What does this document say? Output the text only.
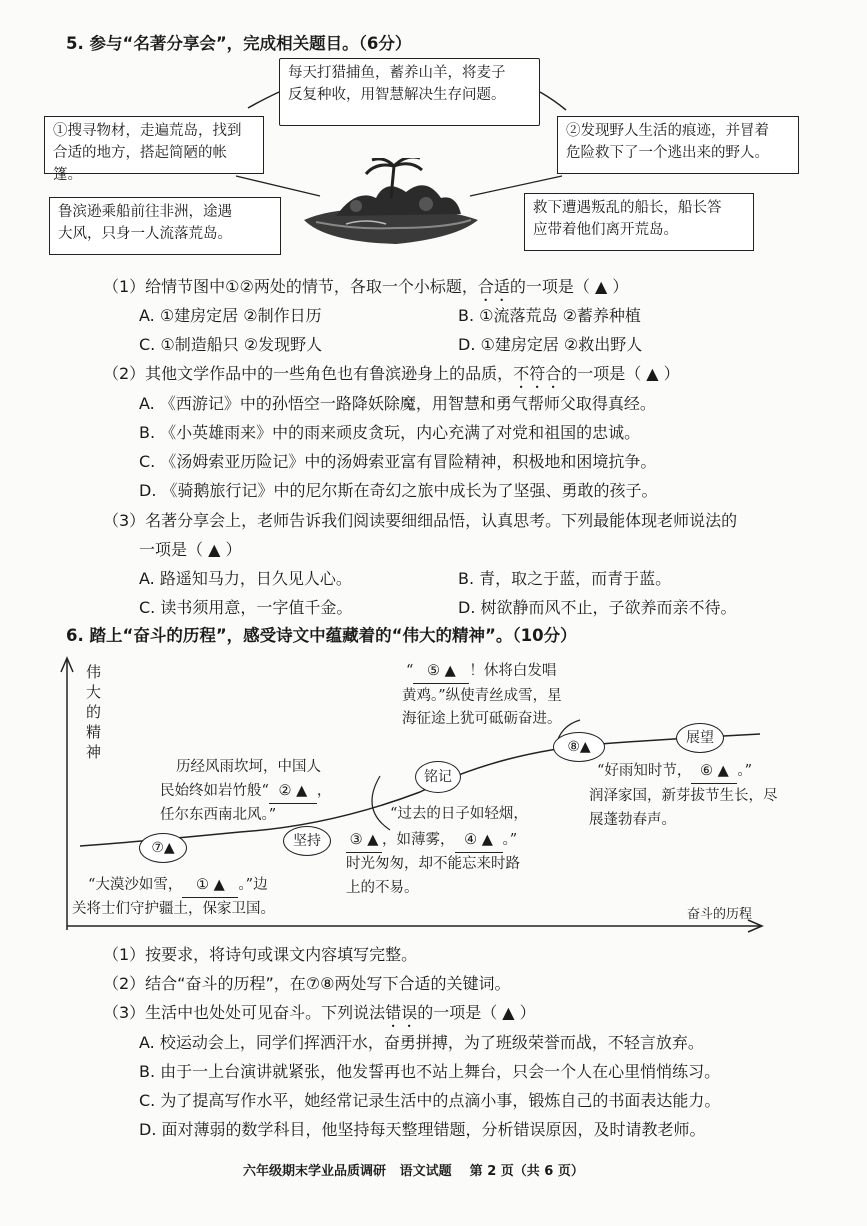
5. 参与“名著分享会”，完成相关题目。（6分）
每天打猎捕鱼，蓄养山羊，将麦子
反复种收，用智慧解决生存问题。
①搜寻物材，走遍荒岛，找到
合适的地方，搭起简陋的帐篷。
②发现野人生活的痕迹，并冒着
危险救下了一个逃出来的野人。
鲁滨逊乘船前往非洲，途遇
大风，只身一人流落荒岛。
救下遭遇叛乱的船长，船长答
应带着他们离开荒岛。
（1）给情节图中①②两处的情节，各取一个小标题，合适的一项是（ ▲ ）
A. ①建房定居 ②制作日历	B. ①流落荒岛 ②蓄养种植
C. ①制造船只 ②发现野人	D. ①建房定居 ②救出野人
（2）其他文学作品中的一些角色也有鲁滨逊身上的品质，不符合的一项是（ ▲ ）
A. 《西游记》中的孙悟空一路降妖除魔，用智慧和勇气帮师父取得真经。
B. 《小英雄雨来》中的雨来顽皮贪玩，内心充满了对党和祖国的忠诚。
C. 《汤姆索亚历险记》中的汤姆索亚富有冒险精神，积极地和困境抗争。
D. 《骑鹅旅行记》中的尼尔斯在奇幻之旅中成长为了坚强、勇敢的孩子。
（3）名著分享会上，老师告诉我们阅读要细细品悟，认真思考。下列最能体现老师说法的
一项是（ ▲ ）
A. 路遥知马力，日久见人心。	B. 青，取之于蓝，而青于蓝。
C. 读书须用意，一字值千金。	D. 树欲静而风不止，子欲养而亲不待。
6. 踏上“奋斗的历程”，感受诗文中蕴藏着的“伟大的精神”。（10分）
伟
大
的
精
神
奋斗的历程
⑦▲	坚持
铭记
⑧▲
展望
“大漠沙如雪， ① ▲ 。”边
关将士们守护疆土，保家卫国。
历经风雨坎坷，中国人
民始终如岩竹般“ ② ▲ ，
任尔东西南北风。”	“过去的日子如轻烟，
③ ▲ ，如薄雾， ④ ▲ 。”
时光匆匆，却不能忘来时路
上的不易。
“ ⑤ ▲ ！休将白发唱
黄鸡。”纵使青丝成雪，星
海征途上犹可砥砺奋进。
“好雨知时节， ⑥ ▲ 。”
润泽家国，新芽拔节生长，尽
展蓬勃春声。
（1）按要求，将诗句或课文内容填写完整。
（2）结合“奋斗的历程”，在⑦⑧两处写下合适的关键词。
（3）生活中也处处可见奋斗。下列说法错误的一项是（ ▲ ）
A. 校运动会上，同学们挥洒汗水，奋勇拼搏，为了班级荣誉而战，不轻言放弃。
B. 由于一上台演讲就紧张，他发誓再也不站上舞台，只会一个人在心里悄悄练习。
C. 为了提高写作水平，她经常记录生活中的点滴小事，锻炼自己的书面表达能力。
D. 面对薄弱的数学科目，他坚持每天整理错题，分析错误原因，及时请教老师。
六年级期末学业品质调研   语文试题    第 2 页（共 6 页）
